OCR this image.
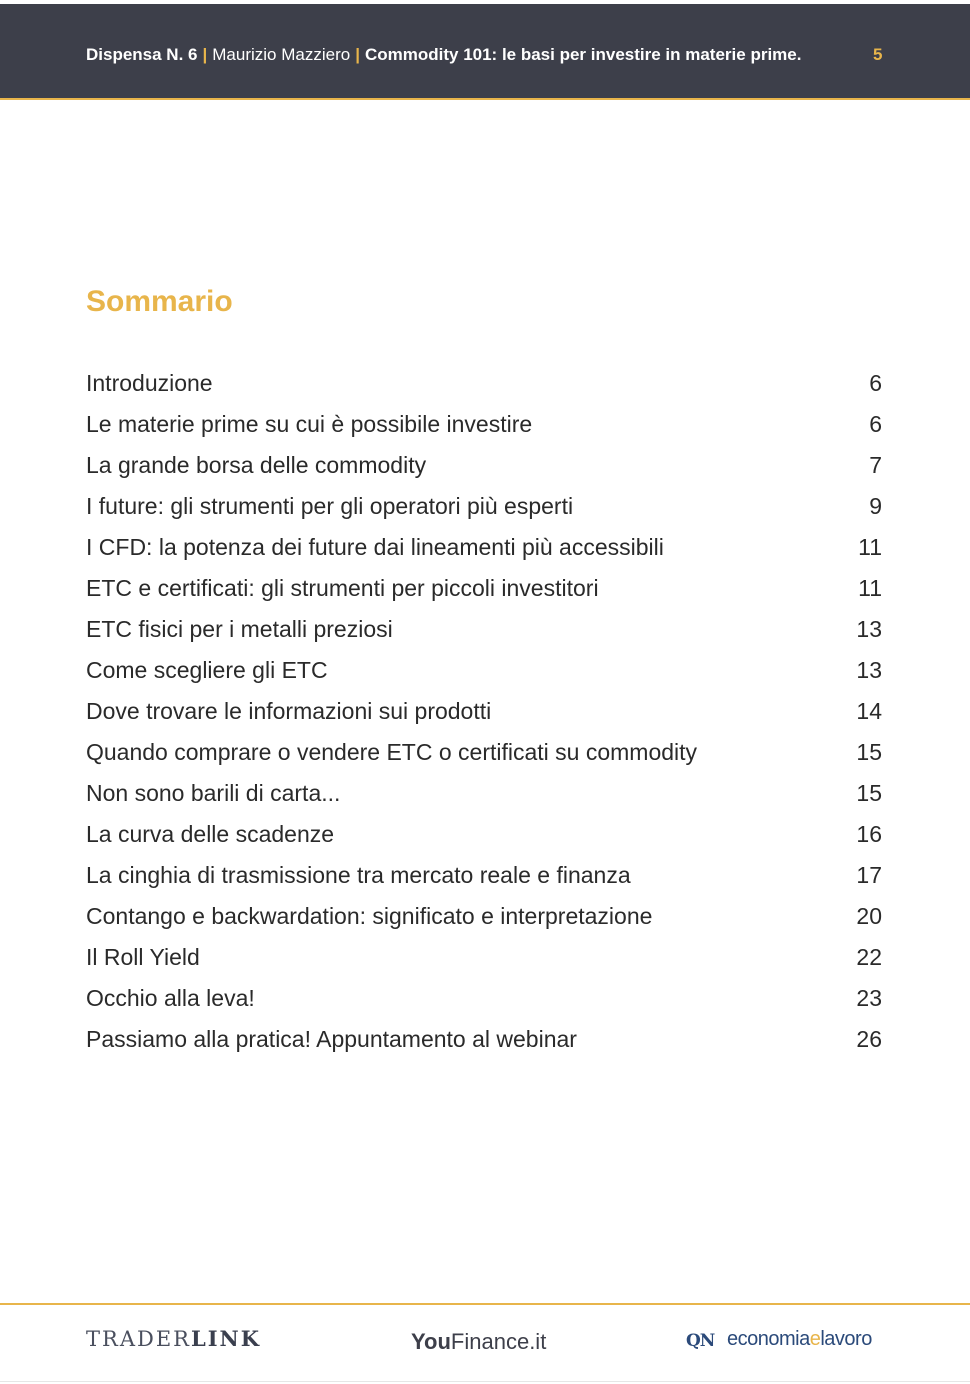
Dispensa N. 6 | Maurizio Mazziero | Commodity 101: le basi per investire in materie prime.	5
Sommario
Introduzione	6
Le materie prime su cui è possibile investire	6
La grande borsa delle commodity	7
I future: gli strumenti per gli operatori più esperti	9
I CFD: la potenza dei future dai lineamenti più accessibili	11
ETC e certificati: gli strumenti per piccoli investitori	11
ETC fisici per i metalli preziosi	13
Come scegliere gli ETC	13
Dove trovare le informazioni sui prodotti	14
Quando comprare o vendere ETC o certificati su commodity	15
Non sono barili di carta...	15
La curva delle scadenze	16
La cinghia di trasmissione tra mercato reale e finanza	17
Contango e backwardation: significato e interpretazione	20
Il Roll Yield	22
Occhio alla leva!	23
Passiamo alla pratica! Appuntamento al webinar	26
TRADERLINK	YouFinance.it	QN economiaelavoro
